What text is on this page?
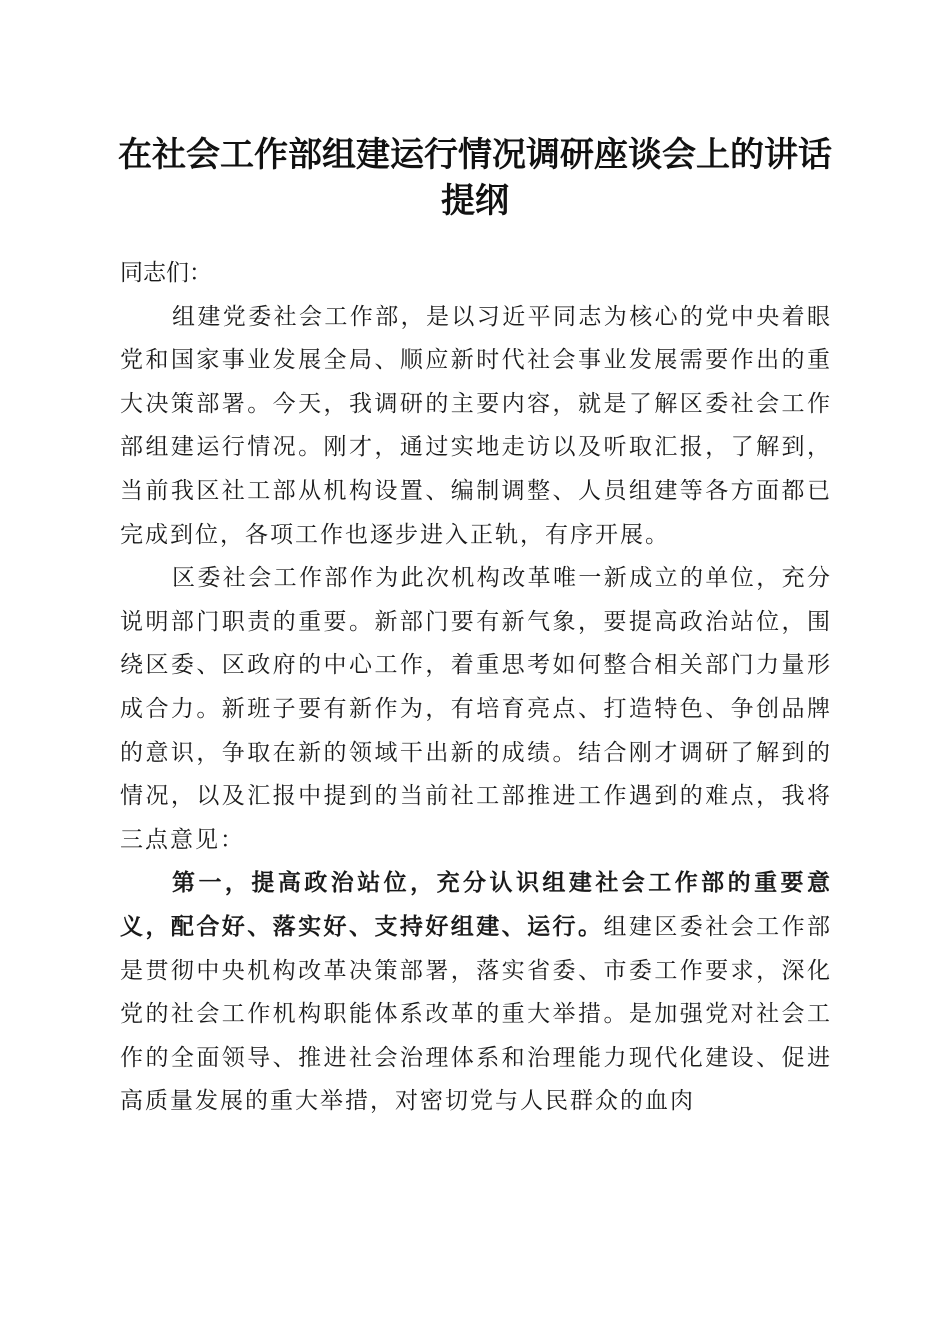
在社会工作部组建运行情况调研座谈会上的讲话提纲

同志们：

组建党委社会工作部，是以习近平同志为核心的党中央着眼党和国家事业发展全局、顺应新时代社会事业发展需要作出的重大决策部署。今天，我调研的主要内容，就是了解区委社会工作部组建运行情况。刚才，通过实地走访以及听取汇报，了解到，当前我区社工部从机构设置、编制调整、人员组建等各方面都已完成到位，各项工作也逐步进入正轨，有序开展。

区委社会工作部作为此次机构改革唯一新成立的单位，充分说明部门职责的重要。新部门要有新气象，要提高政治站位，围绕区委、区政府的中心工作，着重思考如何整合相关部门力量形成合力。新班子要有新作为，有培育亮点、打造特色、争创品牌的意识，争取在新的领域干出新的成绩。结合刚才调研了解到的情况，以及汇报中提到的当前社工部推进工作遇到的难点，我将三点意见：

第一，提高政治站位，充分认识组建社会工作部的重要意义，配合好、落实好、支持好组建、运行。组建区委社会工作部是贯彻中央机构改革决策部署，落实省委、市委工作要求，深化党的社会工作机构职能体系改革的重大举措。是加强党对社会工作的全面领导、推进社会治理体系和治理能力现代化建设、促进高质量发展的重大举措，对密切党与人民群众的血肉
